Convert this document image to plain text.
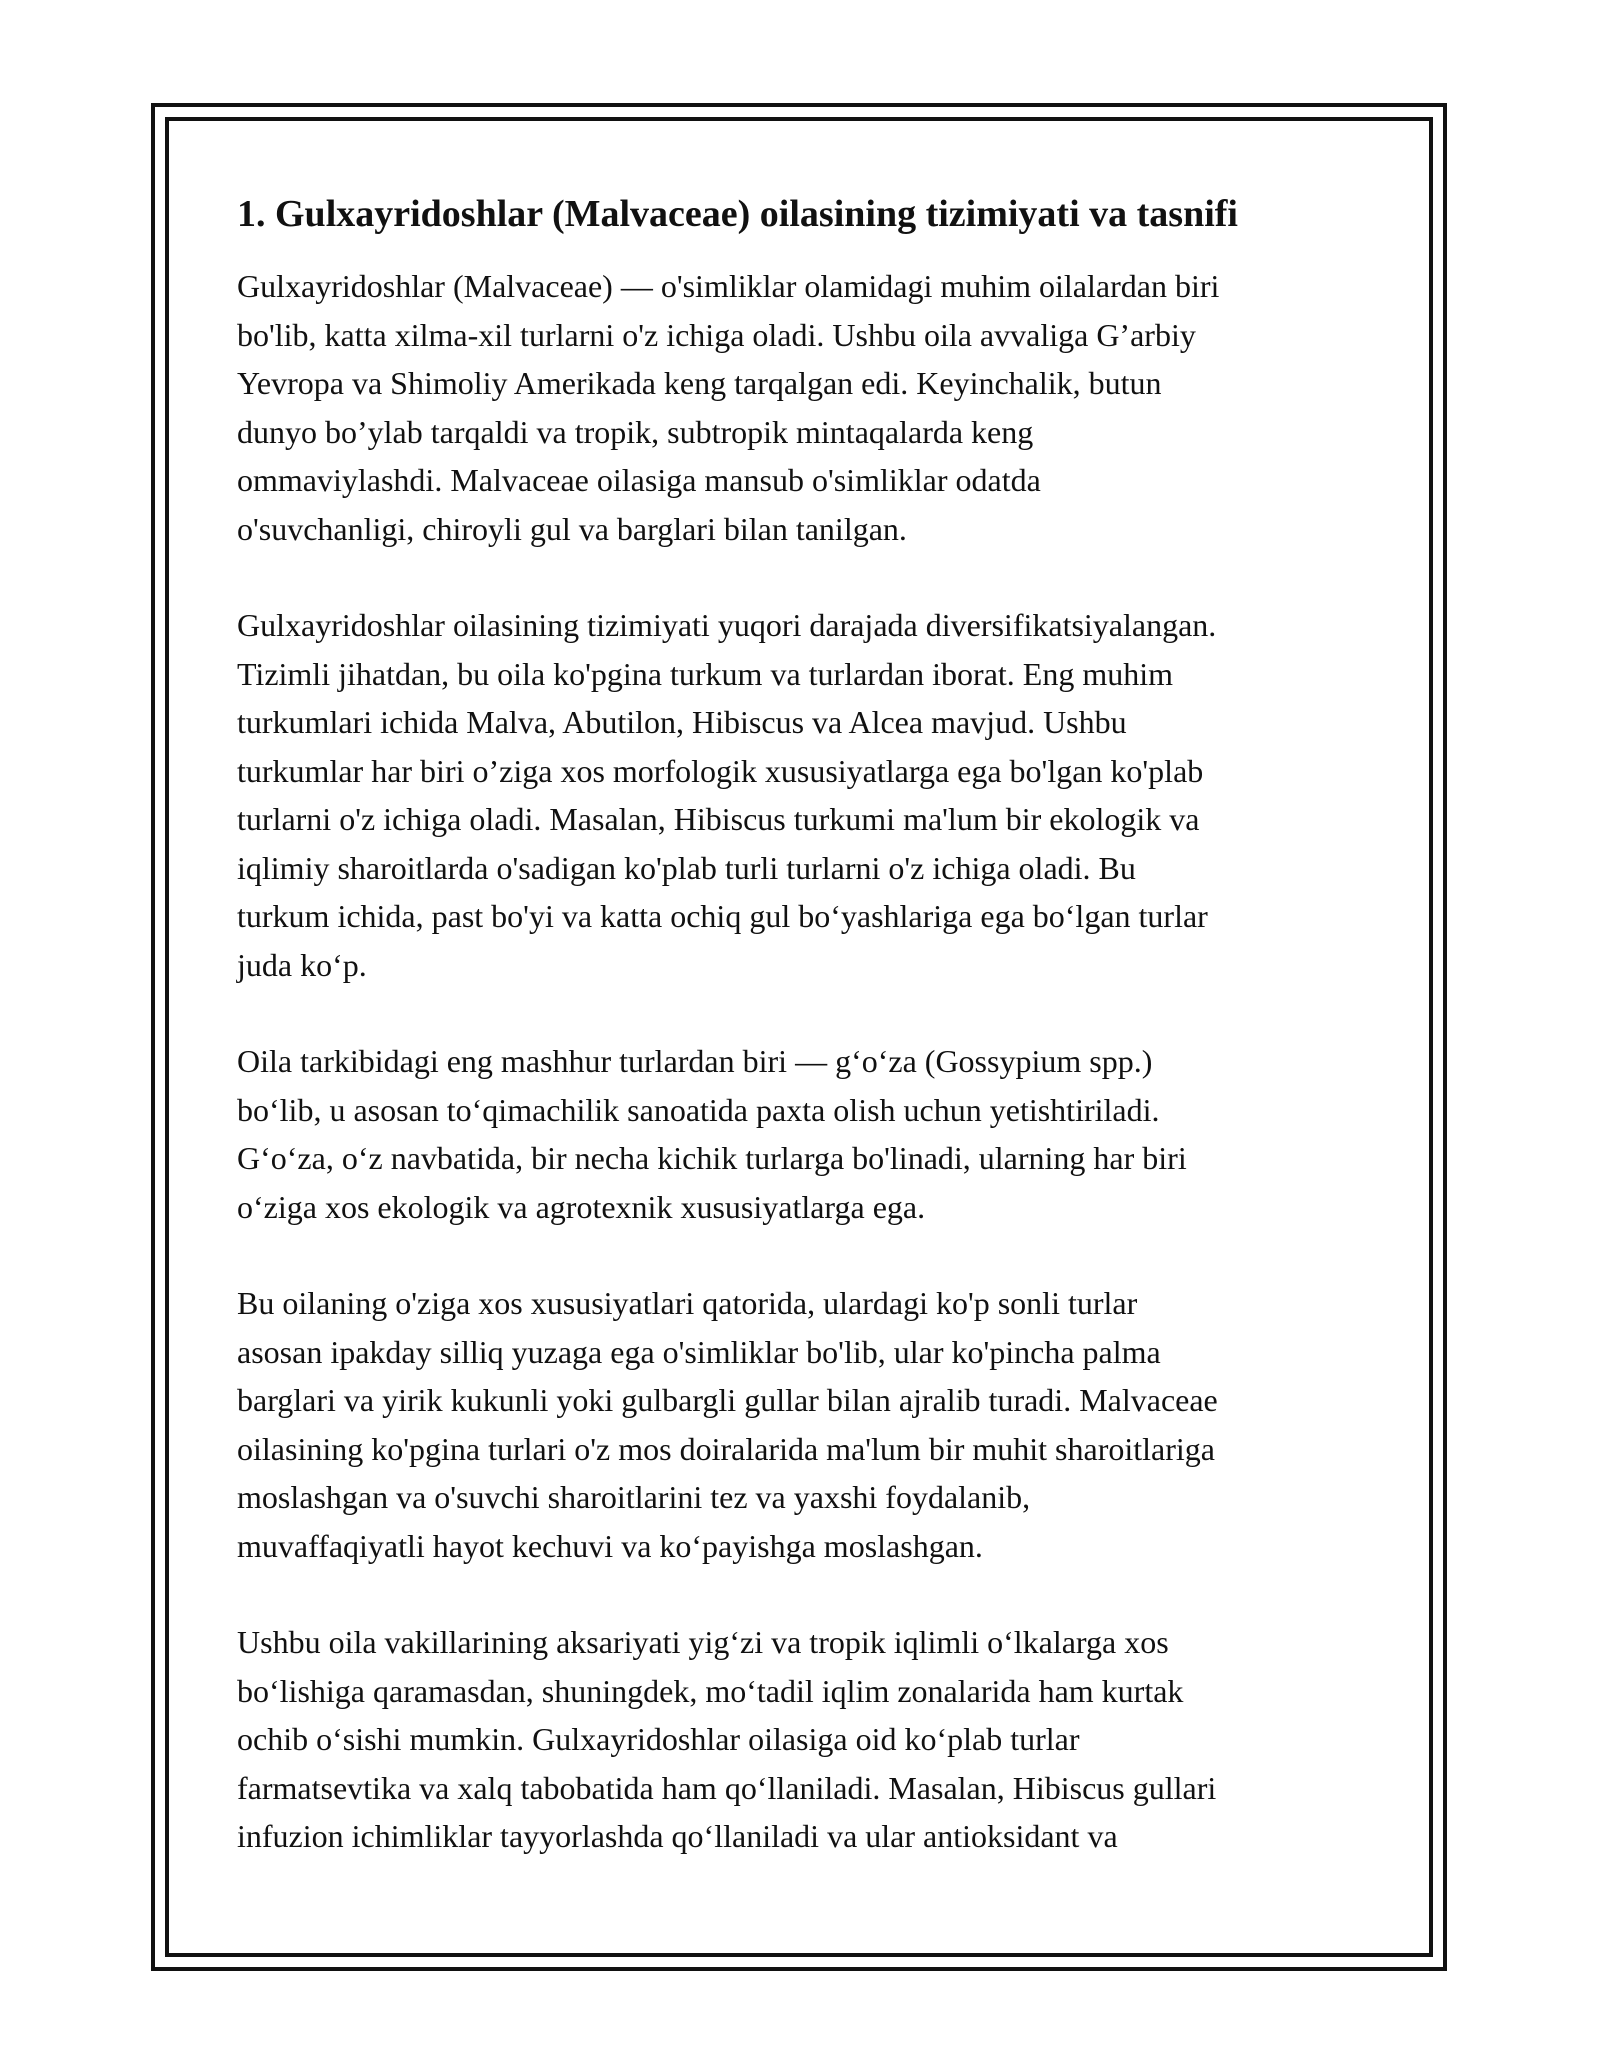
1. Gulxayridoshlar (Malvaceae) oilasining tizimiyati va tasnifi
Gulxayridoshlar (Malvaceae) — o'simliklar olamidagi muhim oilalardan biri
bo'lib, katta xilma-xil turlarni o'z ichiga oladi. Ushbu oila avvaliga G’arbiy
Yevropa va Shimoliy Amerikada keng tarqalgan edi. Keyinchalik, butun
dunyo bo’ylab tarqaldi va tropik, subtropik mintaqalarda keng
ommaviylashdi. Malvaceae oilasiga mansub o'simliklar odatda
o'suvchanligi, chiroyli gul va barglari bilan tanilgan.
Gulxayridoshlar oilasining tizimiyati yuqori darajada diversifikatsiyalangan.
Tizimli jihatdan, bu oila ko'pgina turkum va turlardan iborat. Eng muhim
turkumlari ichida Malva, Abutilon, Hibiscus va Alcea mavjud. Ushbu
turkumlar har biri o’ziga xos morfologik xususiyatlarga ega bo'lgan ko'plab
turlarni o'z ichiga oladi. Masalan, Hibiscus turkumi ma'lum bir ekologik va
iqlimiy sharoitlarda o'sadigan ko'plab turli turlarni o'z ichiga oladi. Bu
turkum ichida, past bo'yi va katta ochiq gul bo‘yashlariga ega bo‘lgan turlar
juda ko‘p.
Oila tarkibidagi eng mashhur turlardan biri — g‘o‘za (Gossypium spp.)
bo‘lib, u asosan to‘qimachilik sanoatida paxta olish uchun yetishtiriladi.
G‘o‘za, o‘z navbatida, bir necha kichik turlarga bo'linadi, ularning har biri
o‘ziga xos ekologik va agrotexnik xususiyatlarga ega.
Bu oilaning o'ziga xos xususiyatlari qatorida, ulardagi ko'p sonli turlar
asosan ipakday silliq yuzaga ega o'simliklar bo'lib, ular ko'pincha palma
barglari va yirik kukunli yoki gulbargli gullar bilan ajralib turadi. Malvaceae
oilasining ko'pgina turlari o'z mos doiralarida ma'lum bir muhit sharoitlariga
moslashgan va o'suvchi sharoitlarini tez va yaxshi foydalanib,
muvaffaqiyatli hayot kechuvi va ko‘payishga moslashgan.
Ushbu oila vakillarining aksariyati yig‘zi va tropik iqlimli o‘lkalarga xos
bo‘lishiga qaramasdan, shuningdek, mo‘tadil iqlim zonalarida ham kurtak
ochib o‘sishi mumkin. Gulxayridoshlar oilasiga oid ko‘plab turlar
farmatsevtika va xalq tabobatida ham qo‘llaniladi. Masalan, Hibiscus gullari
infuzion ichimliklar tayyorlashda qo‘llaniladi va ular antioksidant va
